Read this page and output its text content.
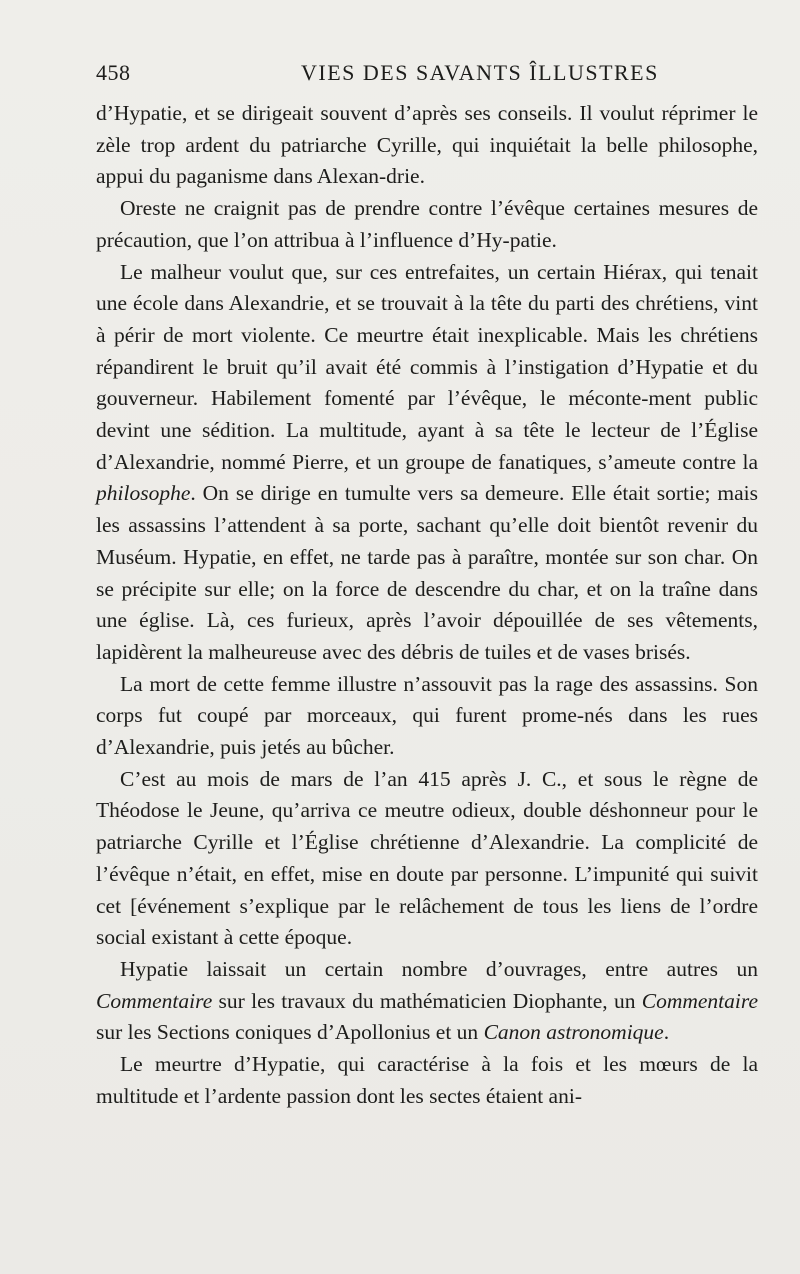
458	VIES DES SAVANTS ÎLLUSTRES

d’Hypatie, et se dirigeait souvent d’après ses conseils. Il voulut réprimer le zèle trop ardent du patriarche Cyrille, qui inquiétait la belle philosophe, appui du paganisme dans Alexan-drie.

Oreste ne craignit pas de prendre contre l’évêque certaines mesures de précaution, que l’on attribua à l’influence d’Hy-patie.

Le malheur voulut que, sur ces entrefaites, un certain Hiérax, qui tenait une école dans Alexandrie, et se trouvait à la tête du parti des chrétiens, vint à périr de mort violente. Ce meurtre était inexplicable. Mais les chrétiens répandirent le bruit qu’il avait été commis à l’instigation d’Hypatie et du gouverneur. Habilement fomenté par l’évêque, le méconte-ment public devint une sédition. La multitude, ayant à sa tête le lecteur de l’Église d’Alexandrie, nommé Pierre, et un groupe de fanatiques, s’ameute contre la philosophe. On se dirige en tumulte vers sa demeure. Elle était sortie; mais les assassins l’attendent à sa porte, sachant qu’elle doit bientôt revenir du Muséum. Hypatie, en effet, ne tarde pas à paraître, montée sur son char. On se précipite sur elle; on la force de descendre du char, et on la traîne dans une église. Là, ces furieux, après l’avoir dépouillée de ses vêtements, lapidèrent la malheureuse avec des débris de tuiles et de vases brisés.

La mort de cette femme illustre n’assouvit pas la rage des assassins. Son corps fut coupé par morceaux, qui furent prome-nés dans les rues d’Alexandrie, puis jetés au bûcher.

C’est au mois de mars de l’an 415 après J. C., et sous le règne de Théodose le Jeune, qu’arriva ce meutre odieux, double déshonneur pour le patriarche Cyrille et l’Église chrétienne d’Alexandrie. La complicité de l’évêque n’était, en effet, mise en doute par personne. L’impunité qui suivit cet [événement s’explique par le relâchement de tous les liens de l’ordre social existant à cette époque.

Hypatie laissait un certain nombre d’ouvrages, entre autres un Commentaire sur les travaux du mathématicien Diophante, un Commentaire sur les Sections coniques d’Apollonius et un Canon astronomique.

Le meurtre d’Hypatie, qui caractérise à la fois et les mœurs de la multitude et l’ardente passion dont les sectes étaient ani-
